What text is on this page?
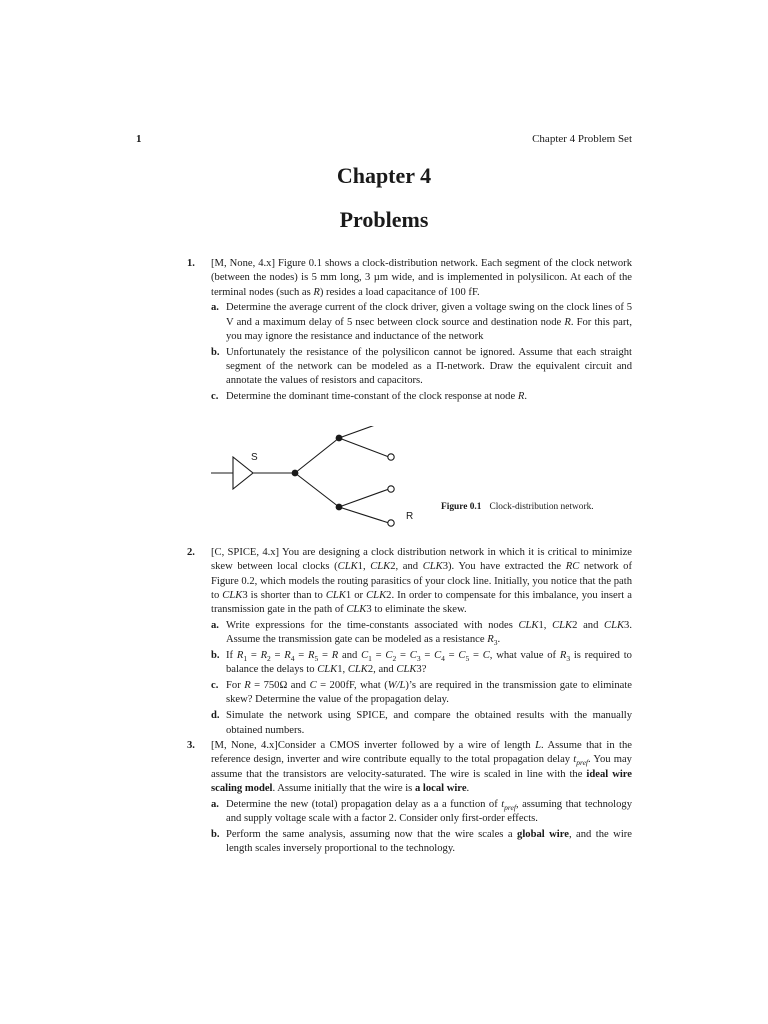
1	Chapter 4 Problem Set
Chapter 4
Problems
1. [M, None, 4.x] Figure 0.1 shows a clock-distribution network. Each segment of the clock network (between the nodes) is 5 mm long, 3 µm wide, and is implemented in polysilicon. At each of the terminal nodes (such as R) resides a load capacitance of 100 fF.
a. Determine the average current of the clock driver, given a voltage swing on the clock lines of 5 V and a maximum delay of 5 nsec between clock source and destination node R. For this part, you may ignore the resistance and inductance of the network
b. Unfortunately the resistance of the polysilicon cannot be ignored. Assume that each straight segment of the network can be modeled as a Π-network. Draw the equivalent circuit and annotate the values of resistors and capacitors.
c. Determine the dominant time-constant of the clock response at node R.
S
R
Figure 0.1 Clock-distribution network.
2. [C, SPICE, 4.x] You are designing a clock distribution network in which it is critical to minimize skew between local clocks (CLK1, CLK2, and CLK3). You have extracted the RC network of Figure 0.2, which models the routing parasitics of your clock line. Initially, you notice that the path to CLK3 is shorter than to CLK1 or CLK2. In order to compensate for this imbalance, you insert a transmission gate in the path of CLK3 to eliminate the skew.
a. Write expressions for the time-constants associated with nodes CLK1, CLK2 and CLK3. Assume the transmission gate can be modeled as a resistance $R_3$.
b. If $R_1 = R_2 = R_4 = R_5 = R$ and $C_1 = C_2 = C_3 = C_4 = C_5 = C$, what value of $R_3$ is required to balance the delays to CLK1, CLK2, and CLK3?
c. For R = 750Ω and C = 200fF, what (W/L)’s are required in the transmission gate to eliminate skew? Determine the value of the propagation delay.
d. Simulate the network using SPICE, and compare the obtained results with the manually obtained numbers.
3. [M, None, 4.x]Consider a CMOS inverter followed by a wire of length L. Assume that in the reference design, inverter and wire contribute equally to the total propagation delay $t_{pref}$. You may assume that the transistors are velocity-saturated. The wire is scaled in line with the ideal wire scaling model. Assume initially that the wire is a local wire.
a. Determine the new (total) propagation delay as a a function of $t_{pref}$, assuming that technology and supply voltage scale with a factor 2. Consider only first-order effects.
b. Perform the same analysis, assuming now that the wire scales a global wire, and the wire length scales inversely proportional to the technology.
